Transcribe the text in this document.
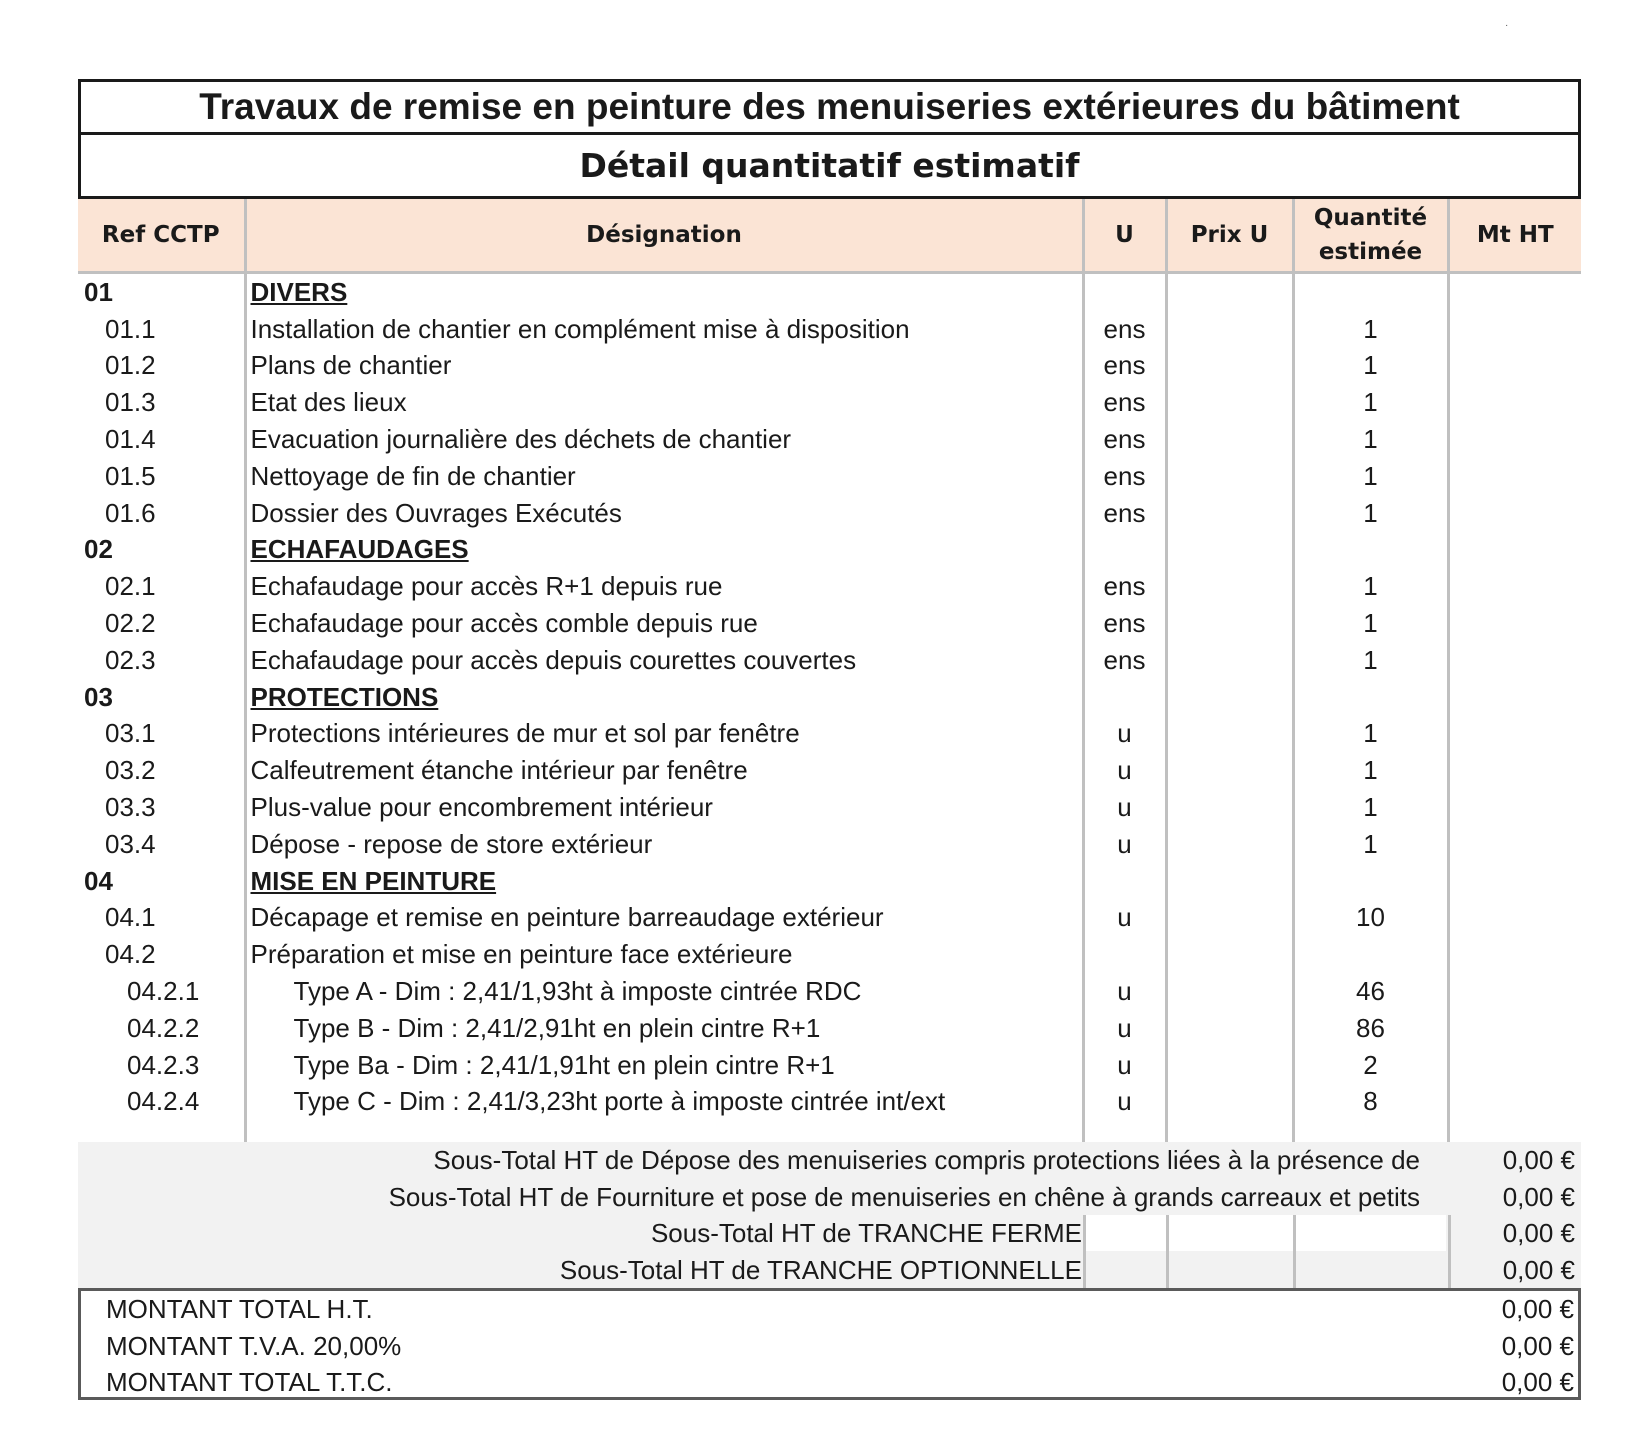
·
Travaux de remise en peinture des menuiseries extérieures du bâtiment
Détail quantitatif estimatif
Ref CCTP	Désignation	U	Prix U	Quantité estimée	Mt HT
01	DIVERS				
01.1	Installation de chantier en complément mise à disposition	ens		1	
01.2	Plans de chantier	ens		1	
01.3	Etat des lieux	ens		1	
01.4	Evacuation journalière des déchets de chantier	ens		1	
01.5	Nettoyage de fin de chantier	ens		1	
01.6	Dossier des Ouvrages Exécutés	ens		1	
02	ECHAFAUDAGES				
02.1	Echafaudage pour accès R+1 depuis rue	ens		1	
02.2	Echafaudage pour accès comble depuis rue	ens		1	
02.3	Echafaudage pour accès depuis courettes couvertes	ens		1	
03	PROTECTIONS				
03.1	Protections intérieures de mur et sol par fenêtre	u		1	
03.2	Calfeutrement étanche intérieur par fenêtre	u		1	
03.3	Plus-value pour encombrement intérieur	u		1	
03.4	Dépose - repose de store extérieur	u		1	
04	MISE EN PEINTURE				
04.1	Décapage et remise en peinture barreaudage extérieur	u		10	
04.2	Préparation et mise en peinture face extérieure				
04.2.1	Type A - Dim : 2,41/1,93ht à imposte cintrée RDC	u		46	
04.2.2	Type B - Dim : 2,41/2,91ht en plein cintre R+1	u		86	
04.2.3	Type Ba - Dim : 2,41/1,91ht en plein cintre R+1	u		2	
04.2.4	Type C - Dim : 2,41/3,23ht porte à imposte cintrée int/ext	u		8	

Sous-Total HT de Dépose des menuiseries compris protections liées à la présence de	0,00 €
Sous-Total HT de Fourniture et pose de menuiseries en chêne à grands carreaux et petits	0,00 €
Sous-Total HT de TRANCHE FERME	0,00 €
Sous-Total HT de TRANCHE OPTIONNELLE	0,00 €
MONTANT TOTAL H.T.	0,00 €
MONTANT T.V.A. 20,00%	0,00 €
MONTANT TOTAL T.T.C.	0,00 €
